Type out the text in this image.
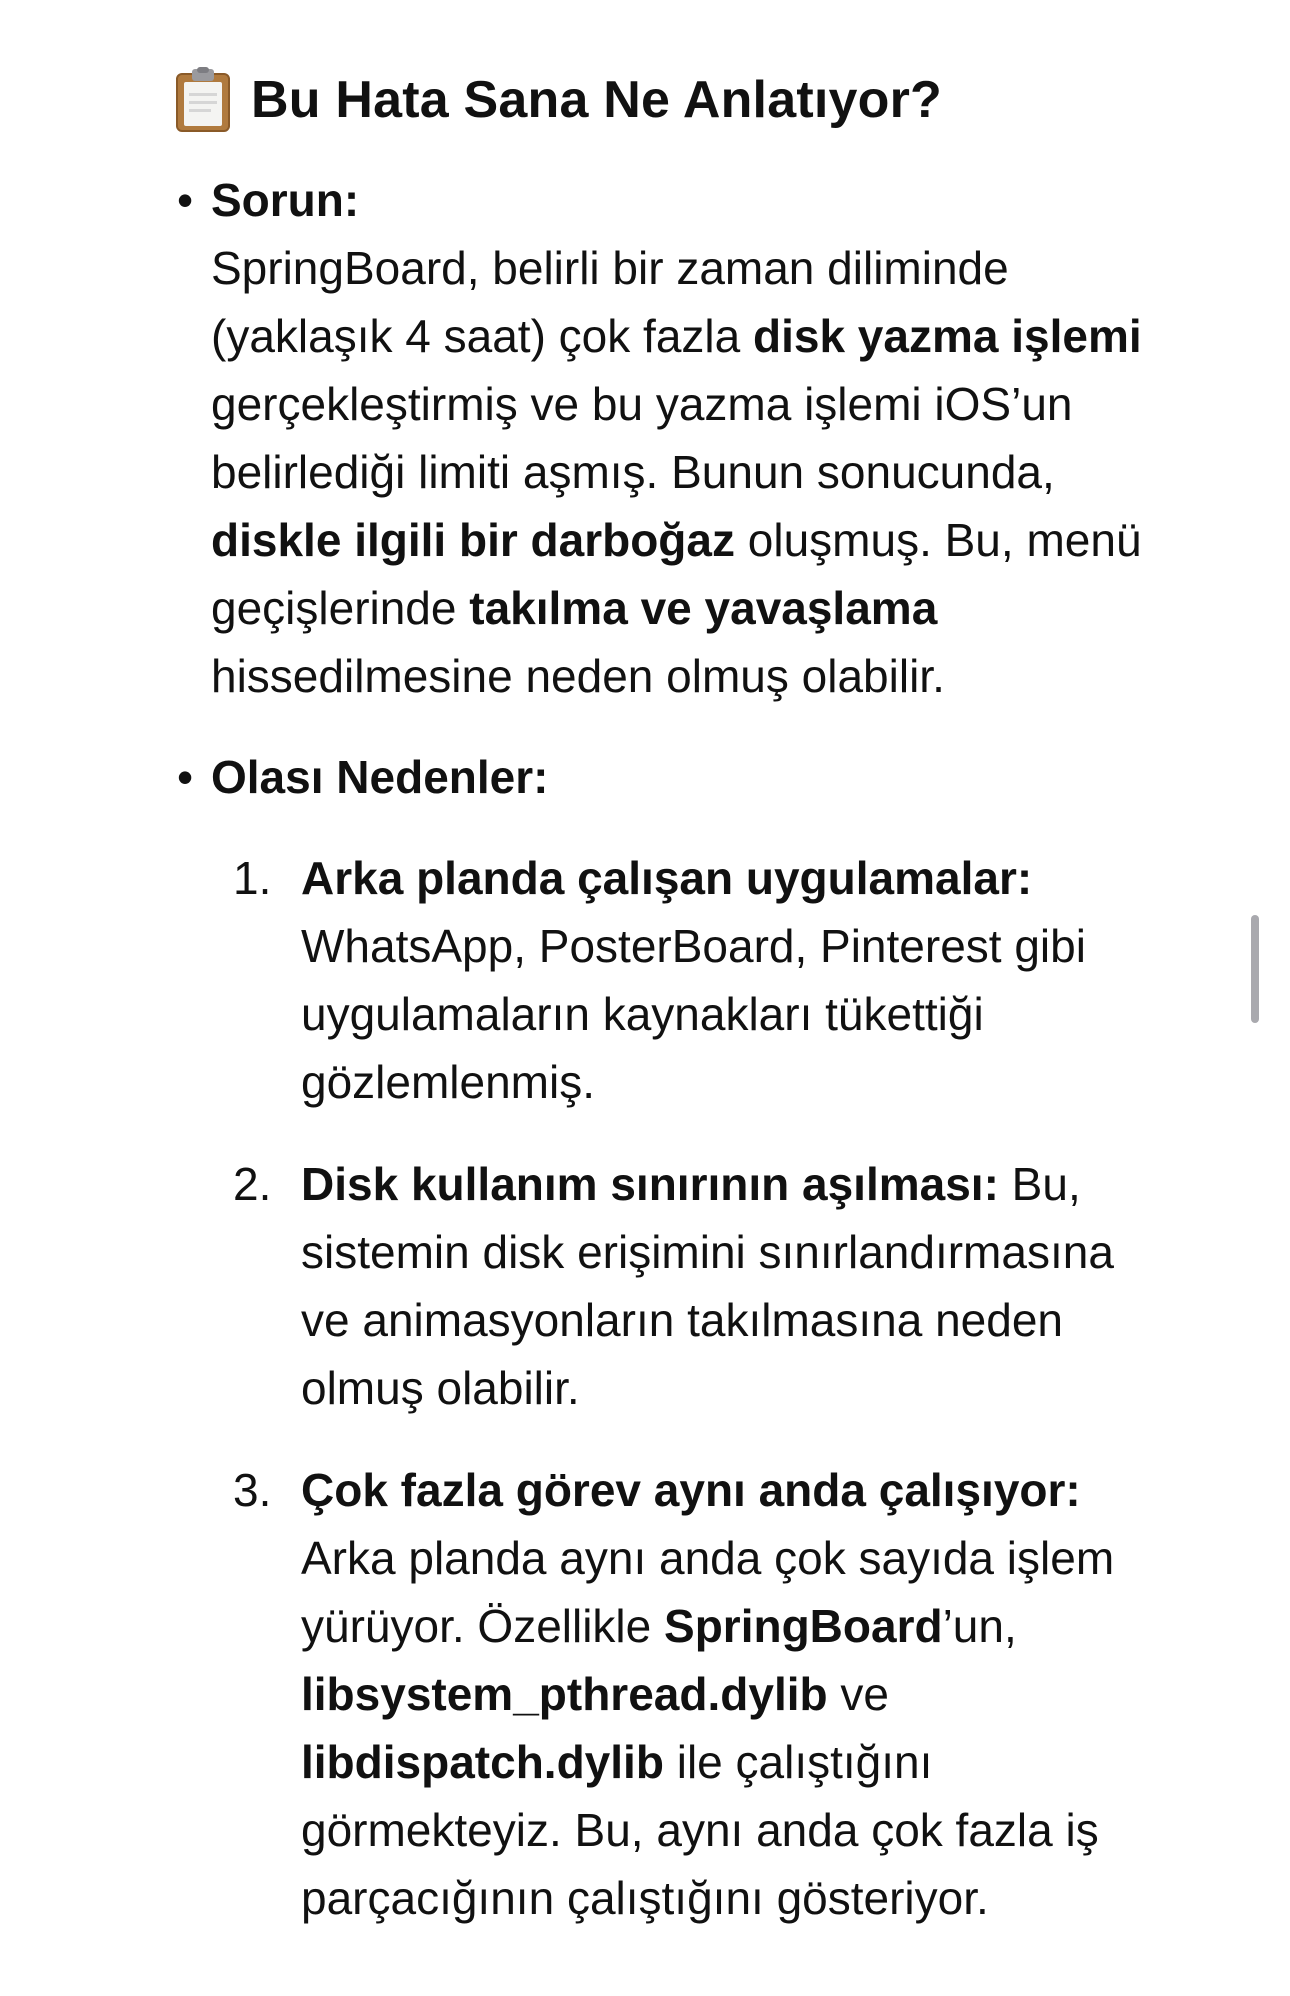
Bu Hata Sana Ne Anlatıyor?
• Sorun:

SpringBoard, belirli bir zaman diliminde
(yaklaşık 4 saat) çok fazla disk yazma işlemi
gerçekleştirmiş ve bu yazma işlemi iOS’un
belirlediği limiti aşmış. Bunun sonucunda,
diskle ilgili bir darboğaz oluşmuş. Bu, menü
geçişlerinde takılma ve yavaşlama
hissedilmesine neden olmuş olabilir.

• Olası Nedenler:
1. Arka planda çalışan uygulamalar:
WhatsApp, PosterBoard, Pinterest gibi
uygulamaların kaynakları tükettiği
gözlemlenmiş.
2. Disk kullanım sınırının aşılması: Bu,
sistemin disk erişimini sınırlandırmasına
ve animasyonların takılmasına neden
olmuş olabilir.
3. Çok fazla görev aynı anda çalışıyor:
Arka planda aynı anda çok sayıda işlem
yürüyor. Özellikle SpringBoard’un,
libsystem_pthread.dylib ve
libdispatch.dylib ile çalıştığını
görmekteyiz. Bu, aynı anda çok fazla iş
parçacığının çalıştığını gösteriyor.
